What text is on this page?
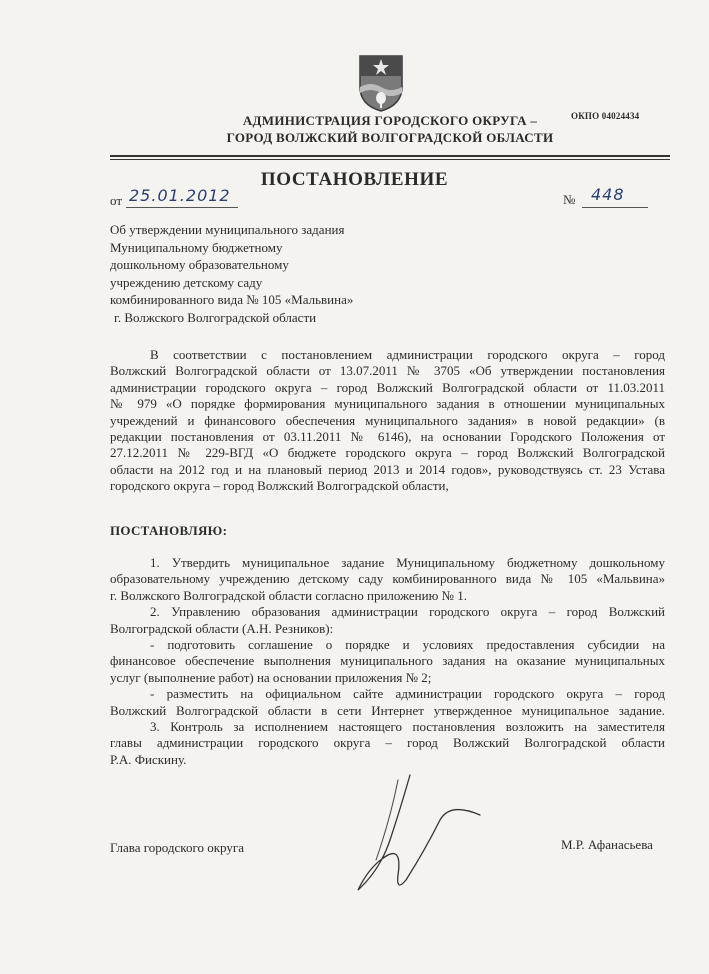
ОКПО 04024434
АДМИНИСТРАЦИЯ ГОРОДСКОГО ОКРУГА –
ГОРОД ВОЛЖСКИЙ ВОЛГОГРАДСКОЙ ОБЛАСТИ
ПОСТАНОВЛЕНИЕ
от 25.01.2012	№ 448
Об утверждении муниципального задания
Муниципальному бюджетному
дошкольному образовательному
учреждению детскому саду
комбинированного вида № 105 «Мальвина»
г. Волжского Волгоградской области
В соответствии с постановлением администрации городского округа – город
Волжский Волгоградской области от 13.07.2011 № 3705 «Об утверждении постановления
администрации городского округа – город Волжский Волгоградской области от 11.03.2011
№ 979 «О порядке формирования муниципального задания в отношении муниципальных
учреждений и финансового обеспечения муниципального задания» в новой редакции» (в
редакции постановления от 03.11.2011 № 6146), на основании Городского Положения от
27.12.2011 № 229-ВГД «О бюджете городского округа – город Волжский Волгоградской
области на 2012 год и на плановый период 2013 и 2014 годов», руководствуясь ст. 23 Устава
городского округа – город Волжский Волгоградской области,
ПОСТАНОВЛЯЮ:
1. Утвердить муниципальное задание Муниципальному бюджетному дошкольному
образовательному учреждению детскому саду комбинированного вида № 105 «Мальвина»
г. Волжского Волгоградской области согласно приложению № 1.
2. Управлению образования администрации городского округа – город Волжский
Волгоградской области (А.Н. Резников):
- подготовить соглашение о порядке и условиях предоставления субсидии на
финансовое обеспечение выполнения муниципального задания на оказание муниципальных
услуг (выполнение работ) на основании приложения № 2;
- разместить на официальном сайте администрации городского округа – город
Волжский Волгоградской области в сети Интернет утвержденное муниципальное задание.
3. Контроль за исполнением настоящего постановления возложить на заместителя
главы администрации городского округа – город Волжский Волгоградской области
Р.А. Фискину.
Глава городского округа	М.Р. Афанасьева
